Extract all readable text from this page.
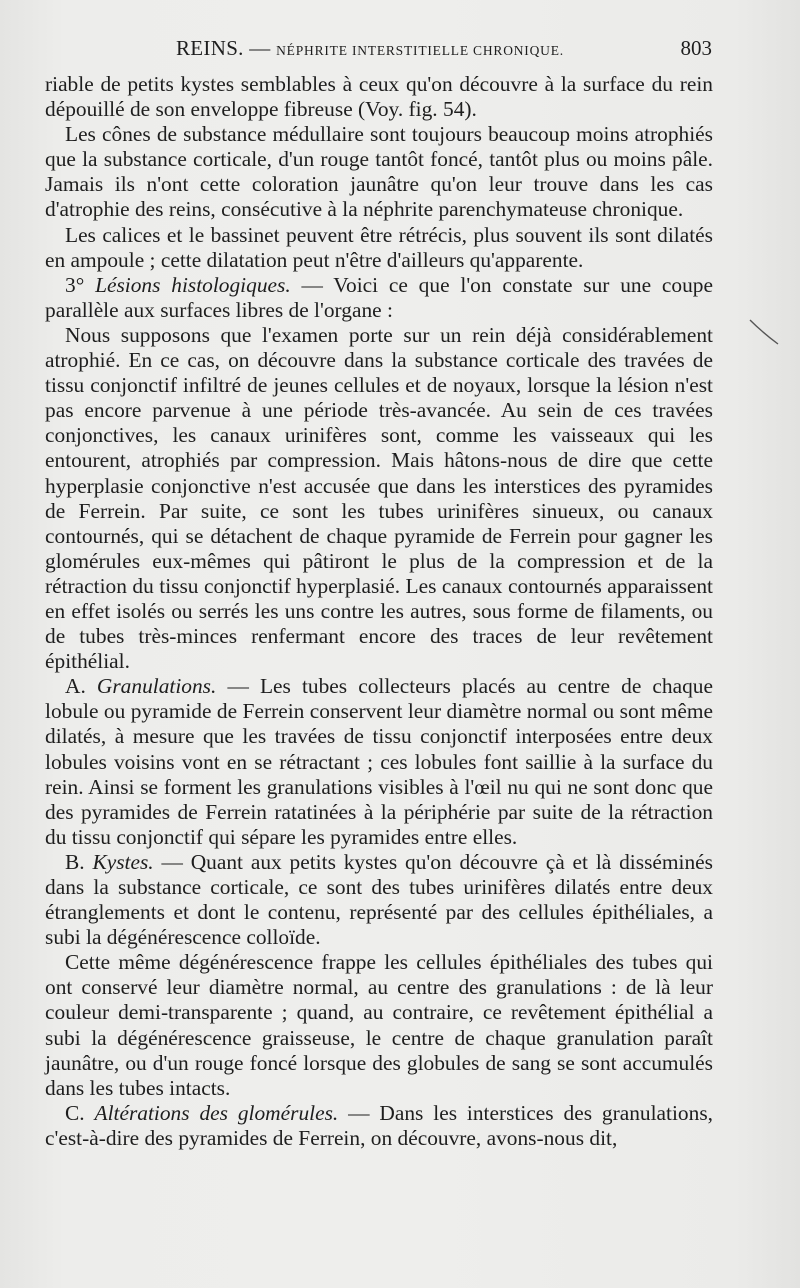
REINS. — NÉPHRITE INTERSTITIELLE CHRONIQUE.	803

riable de petits kystes semblables à ceux qu'on découvre à la surface du rein dépouillé de son enveloppe fibreuse (Voy. fig. 54).

Les cônes de substance médullaire sont toujours beaucoup moins atrophiés que la substance corticale, d'un rouge tantôt foncé, tantôt plus ou moins pâle. Jamais ils n'ont cette coloration jaunâtre qu'on leur trouve dans les cas d'atrophie des reins, consécutive à la néphrite parenchymateuse chronique.

Les calices et le bassinet peuvent être rétrécis, plus souvent ils sont dilatés en ampoule ; cette dilatation peut n'être d'ailleurs qu'apparente.

3° Lésions histologiques. — Voici ce que l'on constate sur une coupe parallèle aux surfaces libres de l'organe :

Nous supposons que l'examen porte sur un rein déjà considérablement atrophié. En ce cas, on découvre dans la substance corticale des travées de tissu conjonctif infiltré de jeunes cellules et de noyaux, lorsque la lésion n'est pas encore parvenue à une période très-avancée. Au sein de ces travées conjonctives, les canaux urinifères sont, comme les vaisseaux qui les entourent, atrophiés par compression. Mais hâtons-nous de dire que cette hyperplasie conjonctive n'est accusée que dans les interstices des pyramides de Ferrein. Par suite, ce sont les tubes urinifères sinueux, ou canaux contournés, qui se détachent de chaque pyramide de Ferrein pour gagner les glomérules eux-mêmes qui pâtiront le plus de la compression et de la rétraction du tissu conjonctif hyperplasié. Les canaux contournés apparaissent en effet isolés ou serrés les uns contre les autres, sous forme de filaments, ou de tubes très-minces renfermant encore des traces de leur revêtement épithélial.

A. Granulations. — Les tubes collecteurs placés au centre de chaque lobule ou pyramide de Ferrein conservent leur diamètre normal ou sont même dilatés, à mesure que les travées de tissu conjonctif interposées entre deux lobules voisins vont en se rétractant ; ces lobules font saillie à la surface du rein. Ainsi se forment les granulations visibles à l'œil nu qui ne sont donc que des pyramides de Ferrein ratatinées à la périphérie par suite de la rétraction du tissu conjonctif qui sépare les pyramides entre elles.

B. Kystes. — Quant aux petits kystes qu'on découvre çà et là disséminés dans la substance corticale, ce sont des tubes urinifères dilatés entre deux étranglements et dont le contenu, représenté par des cellules épithéliales, a subi la dégénérescence colloïde.

Cette même dégénérescence frappe les cellules épithéliales des tubes qui ont conservé leur diamètre normal, au centre des granulations : de là leur couleur demi-transparente ; quand, au contraire, ce revêtement épithélial a subi la dégénérescence graisseuse, le centre de chaque granulation paraît jaunâtre, ou d'un rouge foncé lorsque des globules de sang se sont accumulés dans les tubes intacts.

C. Altérations des glomérules. — Dans les interstices des granulations, c'est-à-dire des pyramides de Ferrein, on découvre, avons-nous dit,
